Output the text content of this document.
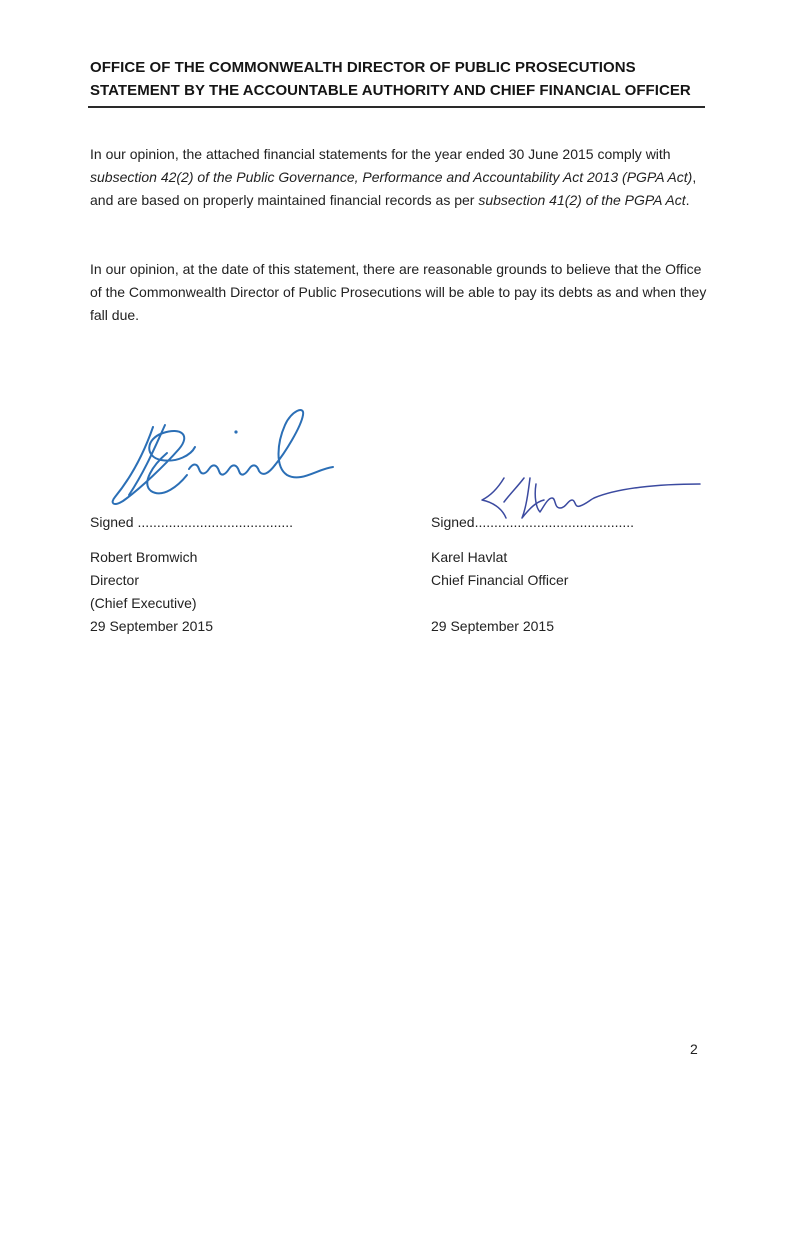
OFFICE OF THE COMMONWEALTH DIRECTOR OF PUBLIC PROSECUTIONS
STATEMENT BY THE ACCOUNTABLE AUTHORITY AND CHIEF FINANCIAL OFFICER
In our opinion, the attached financial statements for the year ended 30 June 2015 comply with subsection 42(2) of the Public Governance, Performance and Accountability Act 2013 (PGPA Act), and are based on properly maintained financial records as per subsection 41(2) of the PGPA Act.
In our opinion, at the date of this statement, there are reasonable grounds to believe that the Office of the Commonwealth Director of Public Prosecutions will be able to pay its debts as and when they fall due.
Signed ........................................
Robert Bromwich
Director
(Chief Executive)
29 September 2015
Signed.........................................
Karel Havlat
Chief Financial Officer
29 September 2015
2
